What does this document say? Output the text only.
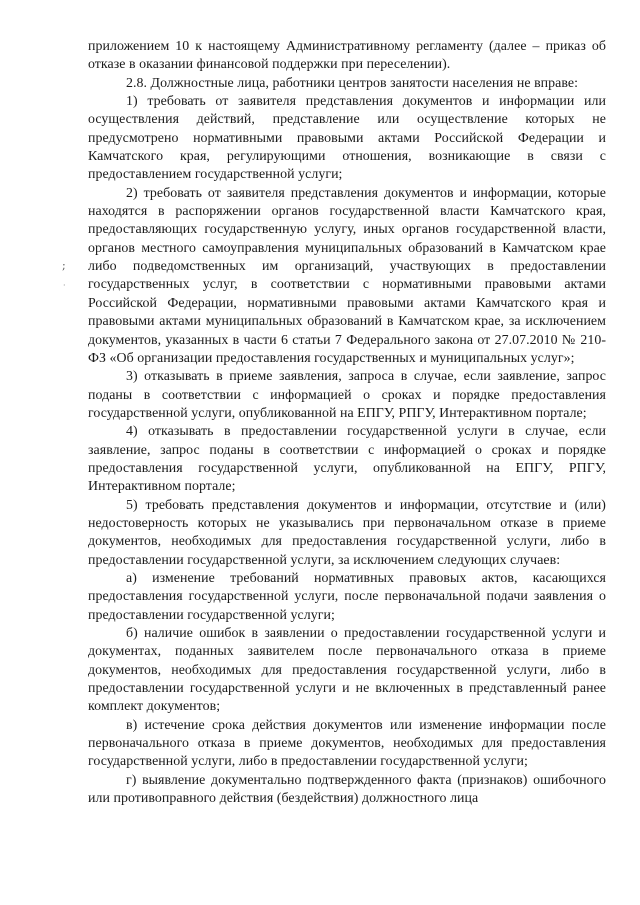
;
·

приложением 10 к настоящему Административному регламенту (далее – приказ об отказе в оказании финансовой поддержки при переселении).

2.8. Должностные лица, работники центров занятости населения не вправе:

1) требовать от заявителя представления документов и информации или осуществления действий, представление или осуществление которых не предусмотрено нормативными правовыми актами Российской Федерации и Камчатского края, регулирующими отношения, возникающие в связи с предоставлением государственной услуги;

2) требовать от заявителя представления документов и информации, которые находятся в распоряжении органов государственной власти Камчатского края, предоставляющих государственную услугу, иных органов государственной власти, органов местного самоуправления муниципальных образований в Камчатском крае либо подведомственных им организаций, участвующих в предоставлении государственных услуг, в соответствии с нормативными правовыми актами Российской Федерации, нормативными правовыми актами Камчатского края и правовыми актами муниципальных образований в Камчатском крае, за исключением документов, указанных в части 6 статьи 7 Федерального закона от 27.07.2010 № 210-ФЗ «Об организации предоставления государственных и муниципальных услуг»;

3) отказывать в приеме заявления, запроса в случае, если заявление, запрос поданы в соответствии с информацией о сроках и порядке предоставления государственной услуги, опубликованной на ЕПГУ, РПГУ, Интерактивном портале;

4) отказывать в предоставлении государственной услуги в случае, если заявление, запрос поданы в соответствии с информацией о сроках и порядке предоставления государственной услуги, опубликованной на ЕПГУ, РПГУ, Интерактивном портале;

5) требовать представления документов и информации, отсутствие и (или) недостоверность которых не указывались при первоначальном отказе в приеме документов, необходимых для предоставления государственной услуги, либо в предоставлении государственной услуги, за исключением следующих случаев:

а) изменение требований нормативных правовых актов, касающихся предоставления государственной услуги, после первоначальной подачи заявления о предоставлении государственной услуги;

б) наличие ошибок в заявлении о предоставлении государственной услуги и документах, поданных заявителем после первоначального отказа в приеме документов, необходимых для предоставления государственной услуги, либо в предоставлении государственной услуги и не включенных в представленный ранее комплект документов;

в) истечение срока действия документов или изменение информации после первоначального отказа в приеме документов, необходимых для предоставления государственной услуги, либо в предоставлении государственной услуги;

г) выявление документально подтвержденного факта (признаков) ошибочного или противоправного действия (бездействия) должностного лица
